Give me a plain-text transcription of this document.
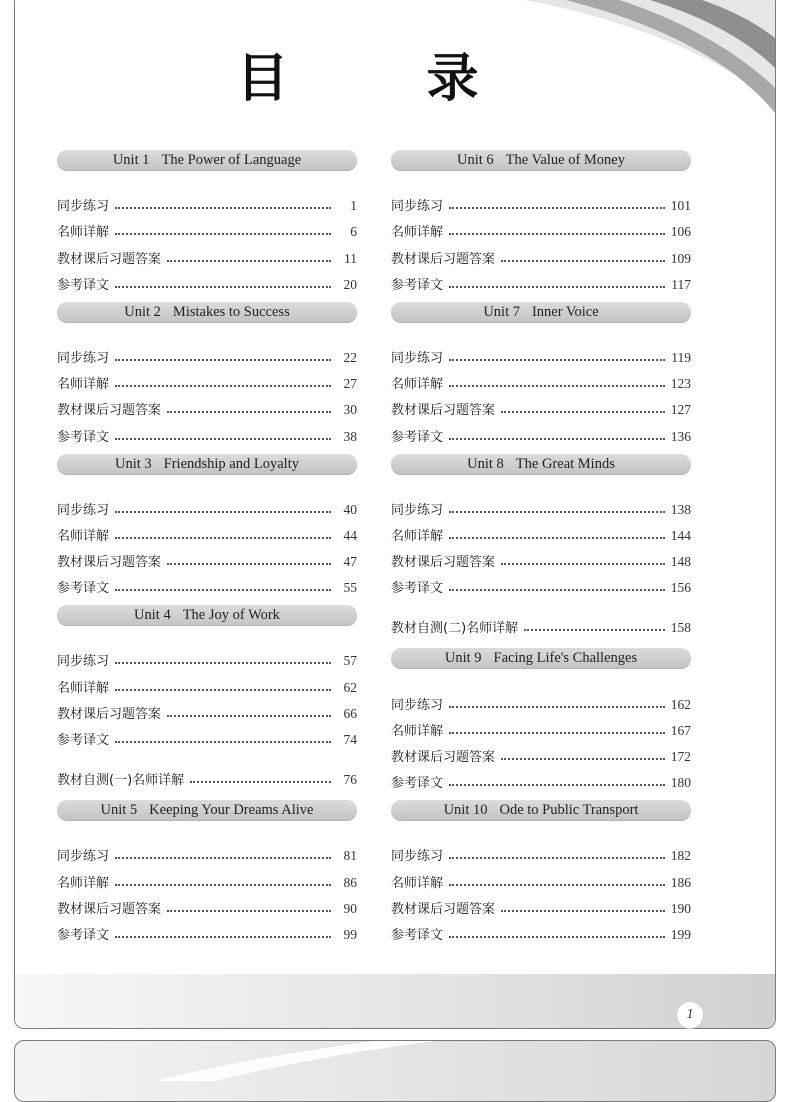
1
目 录
Unit 1 The Power of Language
同步练习	1
名师详解	6
教材课后习题答案	11
参考译文	20
Unit 2 Mistakes to Success
同步练习	22
名师详解	27
教材课后习题答案	30
参考译文	38
Unit 3 Friendship and Loyalty
同步练习	40
名师详解	44
教材课后习题答案	47
参考译文	55
Unit 4 The Joy of Work
同步练习	57
名师详解	62
教材课后习题答案	66
参考译文	74
教材自测(一)名师详解	76
Unit 5 Keeping Your Dreams Alive
同步练习	81
名师详解	86
教材课后习题答案	90
参考译文	99
Unit 6 The Value of Money
同步练习	101
名师详解	106
教材课后习题答案	109
参考译文	117
Unit 7 Inner Voice
同步练习	119
名师详解	123
教材课后习题答案	127
参考译文	136
Unit 8 The Great Minds
同步练习	138
名师详解	144
教材课后习题答案	148
参考译文	156
教材自测(二)名师详解	158
Unit 9 Facing Life's Challenges
同步练习	162
名师详解	167
教材课后习题答案	172
参考译文	180
Unit 10 Ode to Public Transport
同步练习	182
名师详解	186
教材课后习题答案	190
参考译文	199
